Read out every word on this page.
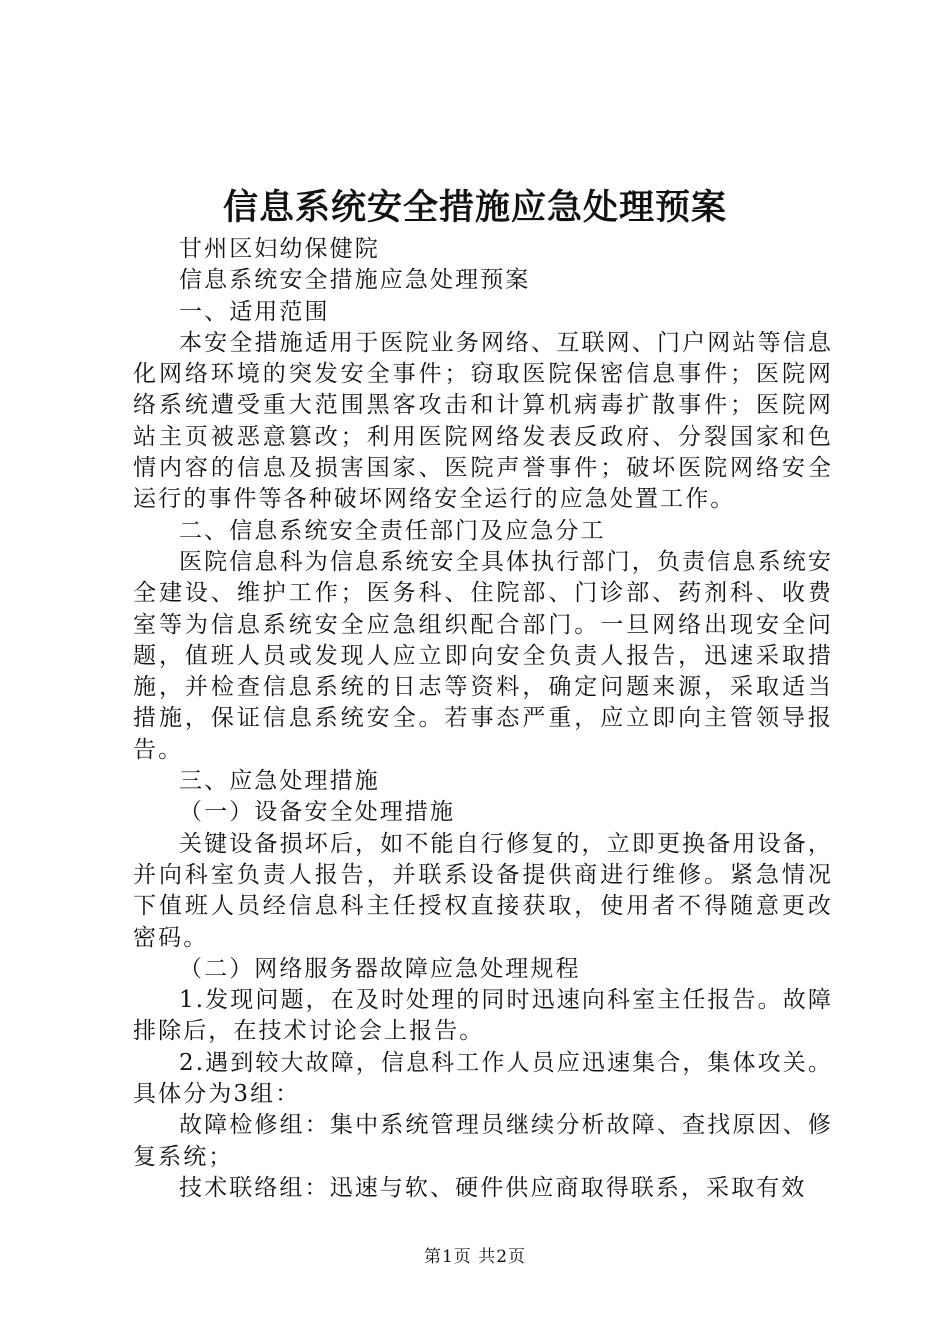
信息系统安全措施应急处理预案

甘州区妇幼保健院

信息系统安全措施应急处理预案

一、适用范围

本安全措施适用于医院业务网络、互联网、门户网站等信息化网络环境的突发安全事件；窃取医院保密信息事件；医院网络系统遭受重大范围黑客攻击和计算机病毒扩散事件；医院网站主页被恶意篡改；利用医院网络发表反政府、分裂国家和色情内容的信息及损害国家、医院声誉事件；破坏医院网络安全运行的事件等各种破坏网络安全运行的应急处置工作。

二、信息系统安全责任部门及应急分工

医院信息科为信息系统安全具体执行部门，负责信息系统安全建设、维护工作；医务科、住院部、门诊部、药剂科、收费室等为信息系统安全应急组织配合部门。一旦网络出现安全问题，值班人员或发现人应立即向安全负责人报告，迅速采取措施，并检查信息系统的日志等资料，确定问题来源，采取适当措施，保证信息系统安全。若事态严重，应立即向主管领导报告。

三、应急处理措施

（一）设备安全处理措施

关键设备损坏后，如不能自行修复的，立即更换备用设备，并向科室负责人报告，并联系设备提供商进行维修。紧急情况下值班人员经信息科主任授权直接获取，使用者不得随意更改密码。

（二）网络服务器故障应急处理规程

1.发现问题，在及时处理的同时迅速向科室主任报告。故障排除后，在技术讨论会上报告。

2.遇到较大故障，信息科工作人员应迅速集合，集体攻关。具体分为3组：

故障检修组：集中系统管理员继续分析故障、查找原因、修复系统；

技术联络组：迅速与软、硬件供应商取得联系，采取有效

第1页 共2页
